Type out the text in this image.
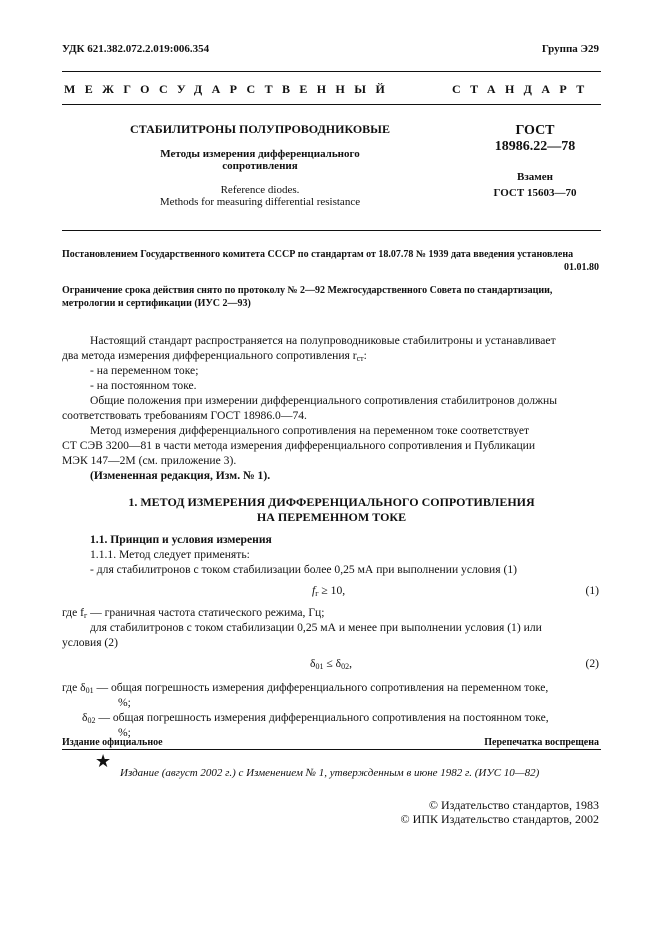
УДК 621.382.072.2.019:006.354	Группа Э29
МЕЖГОСУДАРСТВЕННЫЙ	СТАНДАРТ
СТАБИЛИТРОНЫ ПОЛУПРОВОДНИКОВЫЕ
Методы измерения дифференциального
сопротивления
Reference diodes.
Methods for measuring differential resistance
ГОСТ
18986.22—78
Взамен
ГОСТ 15603—70
Постановлением Государственного комитета СССР по стандартам от 18.07.78 № 1939 дата введения установлена
01.01.80
Ограничение срока действия снято по протоколу № 2—92 Межгосударственного Совета по стандартизации,
метрологии и сертификации (ИУС 2—93)
Настоящий стандарт распространяется на полупроводниковые стабилитроны и устанавливает
два метода измерения дифференциального сопротивления $r_{ст}$:
- на переменном токе;
- на постоянном токе.
Общие положения при измерении дифференциального сопротивления стабилитронов должны
соответствовать требованиям ГОСТ 18986.0—74.
Метод измерения дифференциального сопротивления на переменном токе соответствует
СТ СЭВ 3200—81 в части метода измерения дифференциального сопротивления и Публикации
МЭК 147—2М (см. приложение 3).
(Измененная редакция, Изм. № 1).
1. МЕТОД ИЗМЕРЕНИЯ ДИФФЕРЕНЦИАЛЬНОГО СОПРОТИВЛЕНИЯ
НА ПЕРЕМЕННОМ ТОКЕ
1.1. Принцип и условия измерения
1.1.1. Метод следует применять:
- для стабилитронов с током стабилизации более 0,25 мА при выполнении условия (1)
$f_г \ge 10$,	(1)
где $f_г$ — граничная частота статического режима, Гц;
для стабилитронов с током стабилизации 0,25 мА и менее при выполнении условия (1) или
условия (2)
$\delta_{01} \le \delta_{02}$,	(2)
где $\delta_{01}$ — общая погрешность измерения дифференциального сопротивления на переменном токе,
%;
$\delta_{02}$ — общая погрешность измерения дифференциального сопротивления на постоянном токе,
%;
Издание официальное	Перепечатка воспрещена
★
Издание (август 2002 г.) с Изменением № 1, утвержденным в июне 1982 г. (ИУС 10—82)
© Издательство стандартов, 1983
© ИПК Издательство стандартов, 2002
